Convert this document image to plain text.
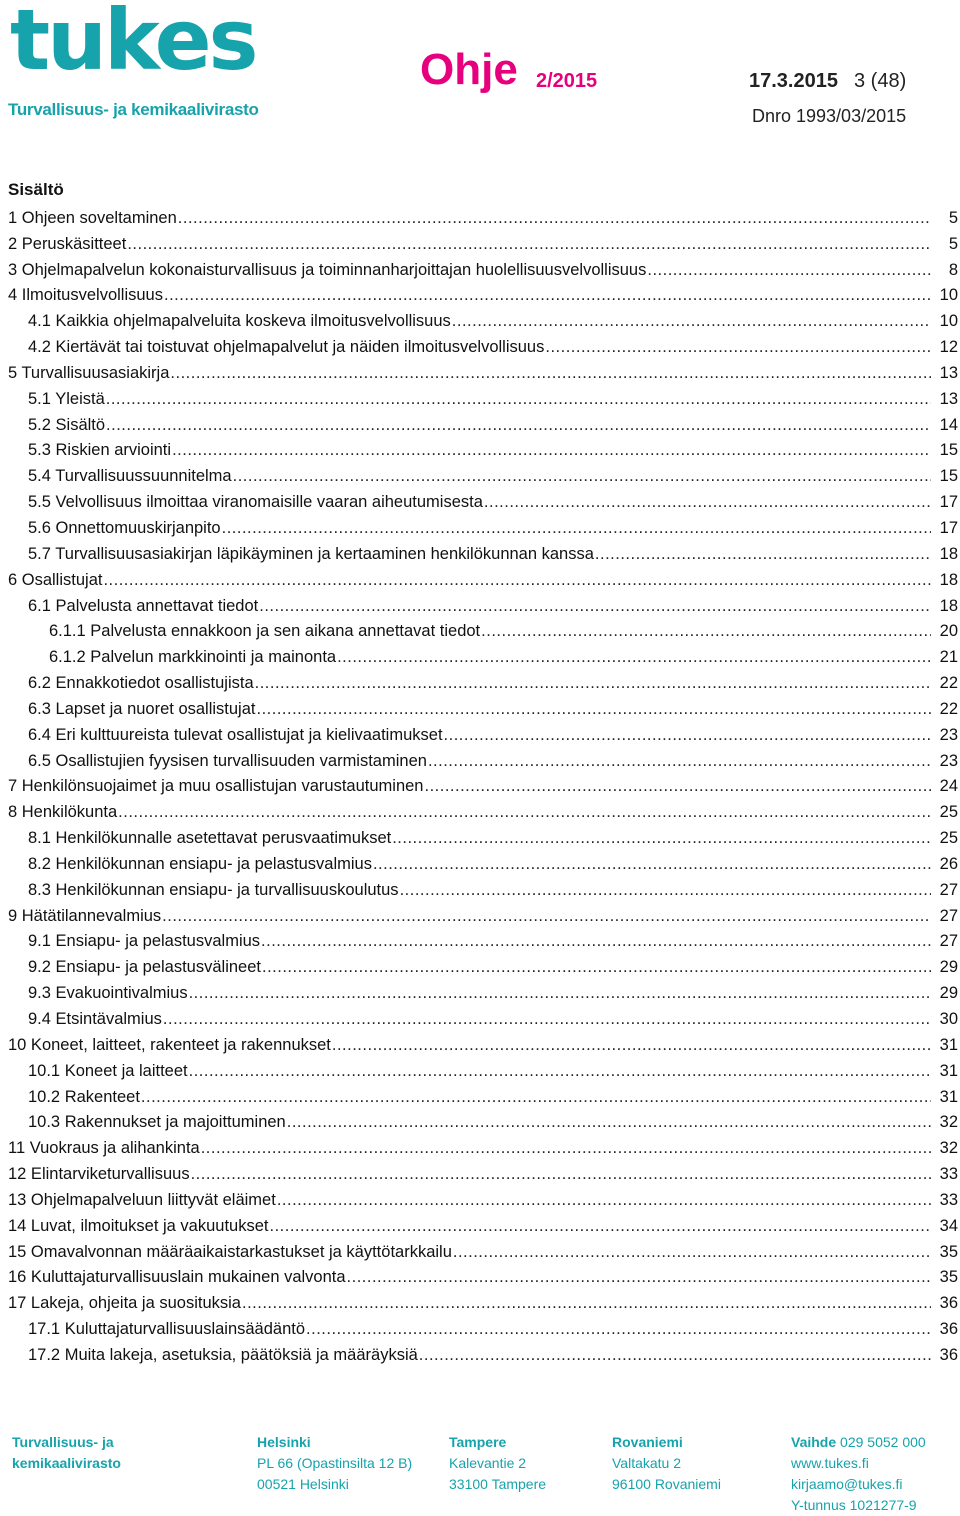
tukes
Turvallisuus- ja kemikaalivirasto
Ohje 2/2015	17.3.2015 3 (48)
Dnro 1993/03/2015
Sisältö
1 Ohjeen soveltaminen .....	5
2 Peruskäsitteet .....	5
3 Ohjelmapalvelun kokonaisturvallisuus ja toiminnanharjoittajan huolellisuusvelvollisuus .....	8
4 Ilmoitusvelvollisuus .....	10
4.1 Kaikkia ohjelmapalveluita koskeva ilmoitusvelvollisuus .....	10
4.2 Kiertävät tai toistuvat ohjelmapalvelut ja näiden ilmoitusvelvollisuus .....	12
5 Turvallisuusasiakirja .....	13
5.1 Yleistä .....	13
5.2 Sisältö .....	14
5.3 Riskien arviointi .....	15
5.4 Turvallisuussuunnitelma .....	15
5.5 Velvollisuus ilmoittaa viranomaisille vaaran aiheutumisesta .....	17
5.6 Onnettomuuskirjanpito .....	17
5.7 Turvallisuusasiakirjan läpikäyminen ja kertaaminen henkilökunnan kanssa .....	18
6 Osallistujat .....	18
6.1 Palvelusta annettavat tiedot .....	18
6.1.1 Palvelusta ennakkoon ja sen aikana annettavat tiedot .....	20
6.1.2 Palvelun markkinointi ja mainonta .....	21
6.2 Ennakkotiedot osallistujista .....	22
6.3 Lapset ja nuoret osallistujat .....	22
6.4 Eri kulttuureista tulevat osallistujat ja kielivaatimukset .....	23
6.5 Osallistujien fyysisen turvallisuuden varmistaminen .....	23
7 Henkilönsuojaimet ja muu osallistujan varustautuminen .....	24
8 Henkilökunta .....	25
8.1 Henkilökunnalle asetettavat perusvaatimukset .....	25
8.2 Henkilökunnan ensiapu- ja pelastusvalmius .....	26
8.3 Henkilökunnan ensiapu- ja turvallisuuskoulutus .....	27
9 Hätätilannevalmius .....	27
9.1 Ensiapu- ja pelastusvalmius .....	27
9.2 Ensiapu- ja pelastusvälineet .....	29
9.3 Evakuointivalmius .....	29
9.4 Etsintävalmius .....	30
10 Koneet, laitteet, rakenteet ja rakennukset .....	31
10.1 Koneet ja laitteet .....	31
10.2 Rakenteet .....	31
10.3 Rakennukset ja majoittuminen .....	32
11 Vuokraus ja alihankinta .....	32
12 Elintarviketurvallisuus .....	33
13 Ohjelmapalveluun liittyvät eläimet .....	33
14 Luvat, ilmoitukset ja vakuutukset .....	34
15 Omavalvonnan määräaikaistarkastukset ja käyttötarkkailu .....	35
16 Kuluttajaturvallisuuslain mukainen valvonta .....	35
17 Lakeja, ohjeita ja suosituksia .....	36
17.1 Kuluttajaturvallisuuslainsäädäntö .....	36
17.2 Muita lakeja, asetuksia, päätöksiä ja määräyksiä .....	36
Turvallisuus- ja
kemikaalivirasto
Helsinki
PL 66 (Opastinsilta 12 B)
00521 Helsinki
Tampere
Kalevantie 2
33100 Tampere
Rovaniemi
Valtakatu 2
96100 Rovaniemi
Vaihde 029 5052 000
www.tukes.fi
kirjaamo@tukes.fi
Y-tunnus 1021277-9
